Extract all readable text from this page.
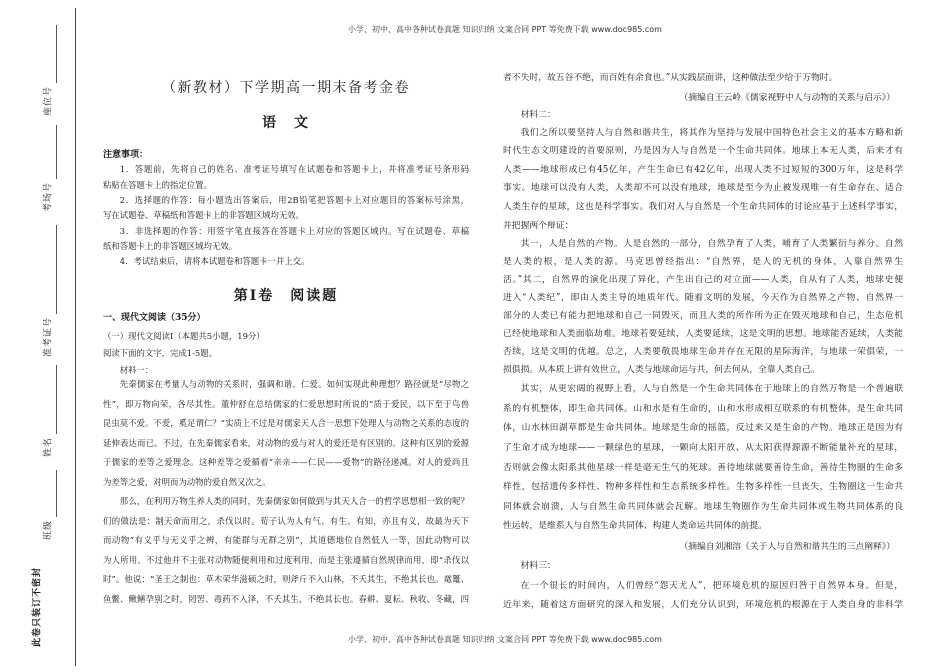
小学、初中、高中各种试卷真题 知识归纳 文案合同 PPT 等免费下载 www.doc985.com
小学、初中、高中各种试卷真题 知识归纳 文案合同 PPT 等免费下载 www.doc985.com
座位号
考场号
准考证号
姓名
班级
此卷只装订不密封
（新教材）下学期高一期末备考金卷
语　文
注意事项：
1．答题前，先将自己的姓名、准考证号填写在试题卷和答题卡上，并将准考证号条形码
粘贴在答题卡上的指定位置。
2．选择题的作答：每小题选出答案后，用2B铅笔把答题卡上对应题目的答案标号涂黑，
写在试题卷、草稿纸和答题卡上的非答题区域均无效。
3．非选择题的作答：用签字笔直接答在答题卡上对应的答题区域内。写在试题卷、草稿
纸和答题卡上的非答题区域均无效。
4．考试结束后，请将本试题卷和答题卡一并上交。
第Ⅰ卷　阅读题
一、现代文阅读（35分）
（一）现代文阅读Ⅰ（本题共5小题，19分）
阅读下面的文字，完成1-5题。
材料一：
先秦儒家在考量人与动物的关系时，强调和谐、仁爱。如何实现此种理想？路径就是“尽物之
性”，即万物向荣，各尽其性。董仲舒在总结儒家的仁爱思想时所说的“质于爱民，以下至于鸟兽
昆虫莫不爱。不爱，奚足谓仁？”实质上不过是对儒家天人合一思想下处理人与动物之关系的态度的
延伸表达而已。不过，在先秦儒家看来，对动物的爱与对人的爱还是有区别的。这种有区别的爱源
于儒家的差等之爱理念。这种差等之爱循着“亲亲——仁民——爱物”的路径递减。对人的爱尚且
为差等之爱，对明而为动物的爱自然又次之。
那么，在利用万物生养人类的同时，先秦儒家如何做到与其天人合一的哲学思想相一致的呢？
们的做法是：制天命而用之，杀伐以时。荀子认为人有气、有生、有知，亦且有义，故最为天下
而动物“有义乎与无义乎之辨，有能群与无群之别”，其道德地位自然低人一等，因此动物可以
为人所用。不过他并不主张对动物随便利用和过度利用，而是主张遵循自然规律而用，即“杀伐以
时”。他说：“圣王之制也：草木荣华滋硕之时，则斧斤不入山林，不夭其生，不绝其长也。鼋鼍、
鱼鳖、鳅鳝孕别之时，罔罟、毒药不入泽，不夭其生，不绝其长也。春耕、夏耘、秋收、冬藏，四
者不失时，故五谷不绝，而百姓有余食也。”从实践层面讲，这种做法至少给于万物时。
（摘编自王云岭《儒家视野中人与动物的关系与启示》）
材料二：
我们之所以要坚持人与自然和谐共生，将其作为坚持与发展中国特色社会主义的基本方略和新
时代生态文明建设的首要原则，乃是因为人与自然是一个生命共同体。地球上本无人类，后来才有
人类——地球形成已有45亿年，产生生命已有42亿年，出现人类不过短短的300万年，这是科学
事实。地球可以没有人类，人类却不可以没有地球，地球是至今为止被发现唯一有生命存在、适合
人类生存的星球，这也是科学事实。我们对人与自然是一个生命共同体的讨论应基于上述科学事实，
并把握两个辩证：
其一，人是自然的产物。人是自然的一部分，自然孕育了人类，哺育了人类繁衍与养分。自然
是人类的根，是人类的源。马克思曾经指出：“自然界，是人的无机的身体，人靠自然界生
活。”其二，自然界的演化出现了异化，产生出自己的对立面——人类，自从有了人类，地球史便
进入“人类纪”，即由人类主导的地质年代。随着文明的发展，今天作为自然界之产物、自然界一
部分的人类已有能力把地球和自己一同毁灭，而且人类的所作所为正在毁灭地球和自己，生态危机
已经使地球和人类面临劫难。地球若要延续，人类要延续，这是文明的思想。地球能否延续，人类能
否续，这是文明的优越。总之，人类要敬畏地球生命并存在无限的星际海洋，与地球一荣俱荣，一
损俱损。从本质上讲有效世立，人类与地球命运与共，何去何从，全靠人类自己。
其实，从更宏阔的视野上看，人与自然是一个生命共同体在于地球上的自然万物是一个普遍联
系的有机整体，即生命共同体。山和水是有生命的，山和水形成相互联系的有机整体，是生命共同
体，山水林田湖草都是生命共同体。地球是生命的摇篮，反过来又是生命的产物。地球正是因为有
了生命才成为地球——一颗绿色的星球，一颗向太阳开放、从太阳获得源源不断能量补充的星球，
否则就会像太阳系其他星球一样是毫无生气的死球。善待地球就要善待生命，善待生物圈的生命多
样性，包括遗传多样性、物种多样性和生态系统多样性。生物多样性一旦丧失，生物圈这一生命共
同体就会崩溃，人与自然生命共同体就会瓦解。地球生物圈作为生命共同体或生物共同体系的良
性运转，是维系人与自然生命共同体、构建人类命运共同体的前提。
（摘编自刘湘溶《关于人与自然和谐共生的三点阐释》）
材料三：
在一个很长的时间内，人们曾经“怨天尤人”，把环境危机的原因归咎于自然界本身。但是，
近年来，随着这方面研究的深入和发展，人们充分认识到，环境危机的根源在于人类自身的非科学
